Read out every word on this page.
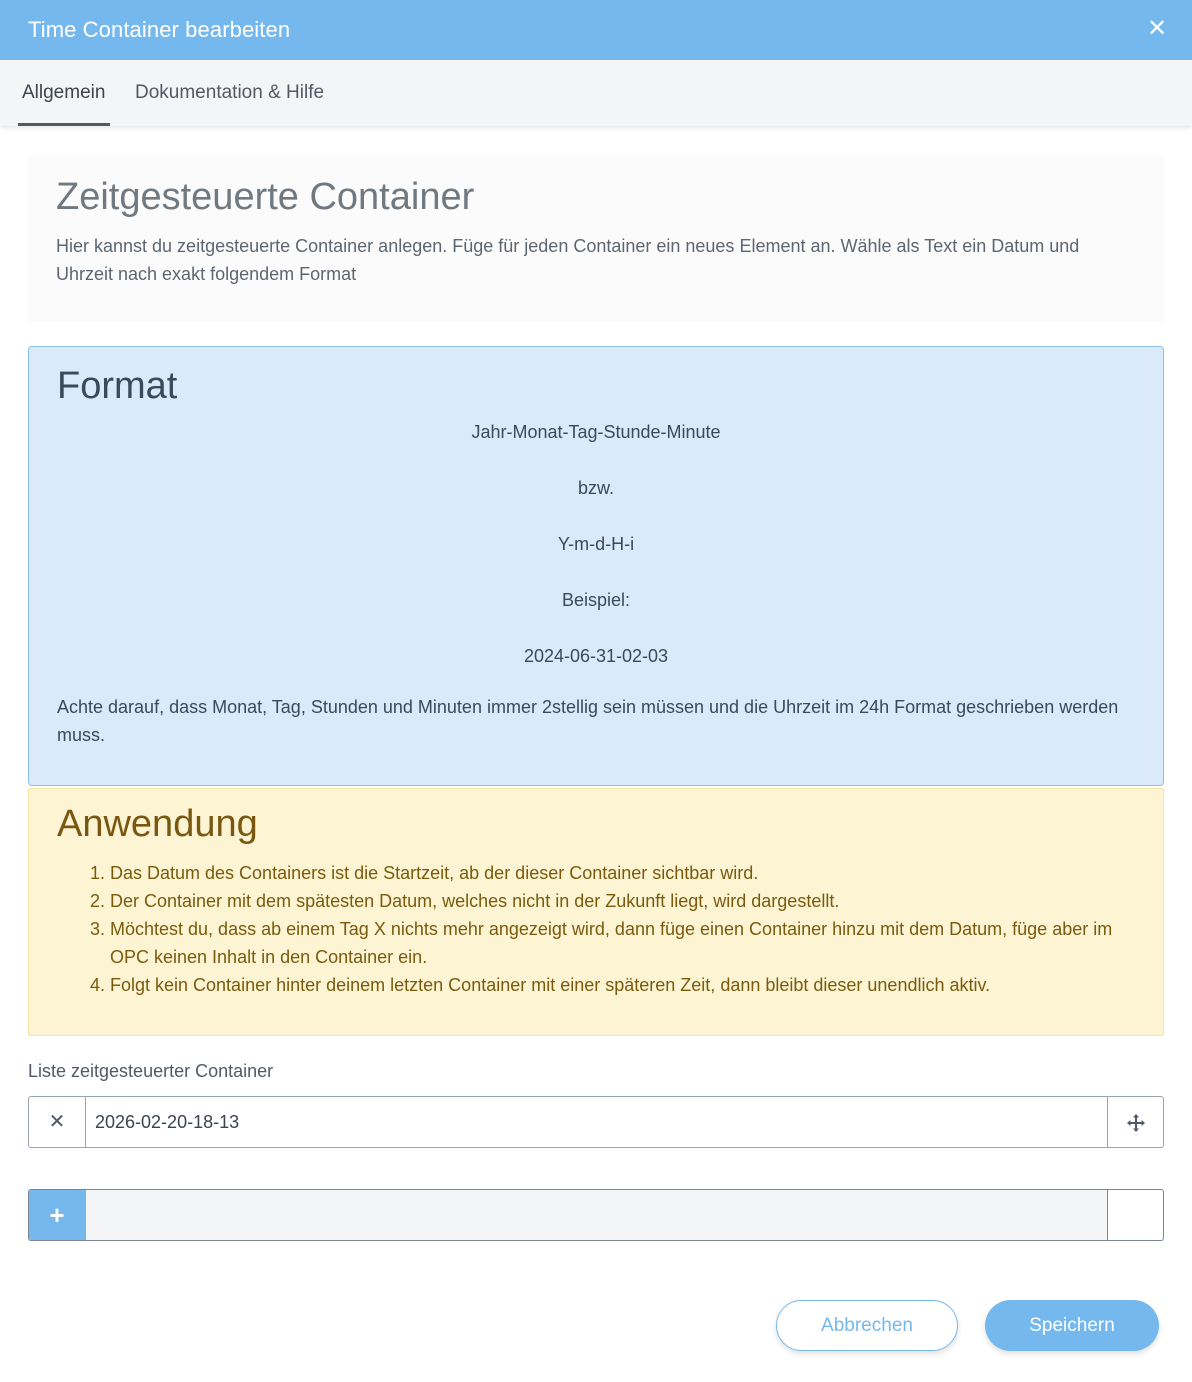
Time Container bearbeiten	✕
Allgemein Dokumentation & Hilfe
Zeitgesteuerte Container

Hier kannst du zeitgesteuerte Container anlegen. Füge für jeden Container ein neues Element an. Wähle als Text ein Datum und Uhrzeit nach exakt folgendem Format

Format
Jahr-Monat-Tag-Stunde-Minute
bzw.
Y-m-d-H-i
Beispiel:
2024-06-31-02-03
Achte darauf, dass Monat, Tag, Stunden und Minuten immer 2stellig sein müssen und die Uhrzeit im 24h Format geschrieben werden muss.
Anwendung
1. Das Datum des Containers ist die Startzeit, ab der dieser Container sichtbar wird.
2. Der Container mit dem spätesten Datum, welches nicht in der Zukunft liegt, wird dargestellt.
3. Möchtest du, dass ab einem Tag X nichts mehr angezeigt wird, dann füge einen Container hinzu mit dem Datum, füge aber im OPC keinen Inhalt in den Container ein.
4. Folgt kein Container hinter deinem letzten Container mit einer späteren Zeit, dann bleibt dieser unendlich aktiv.
Liste zeitgesteuerter Container
✕
2026-02-20-18-13
+
Abbrechen	Speichern
